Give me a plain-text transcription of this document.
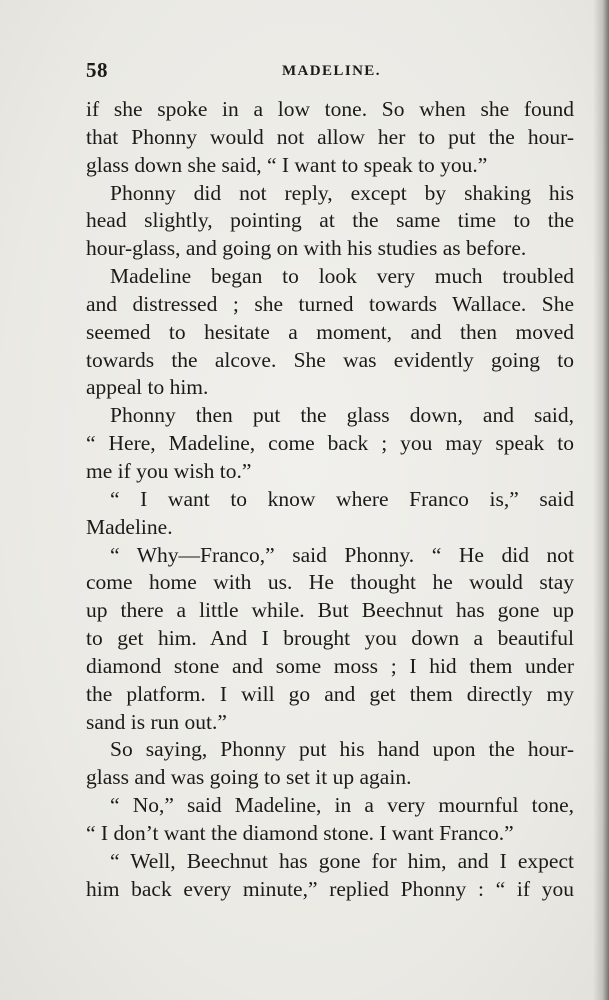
58	MADELINE.
if she spoke in a low tone. So when she found
that Phonny would not allow her to put the hour-
glass down she said, “ I want to speak to you.”
Phonny did not reply, except by shaking his
head slightly, pointing at the same time to the
hour-glass, and going on with his studies as before.
Madeline began to look very much troubled
and distressed ; she turned towards Wallace. She
seemed to hesitate a moment, and then moved
towards the alcove. She was evidently going to
appeal to him.
Phonny then put the glass down, and said,
“ Here, Madeline, come back ; you may speak to
me if you wish to.”
“ I want to know where Franco is,” said
Madeline.
“ Why—Franco,” said Phonny. “ He did not
come home with us. He thought he would stay
up there a little while. But Beechnut has gone up
to get him. And I brought you down a beautiful
diamond stone and some moss ; I hid them under
the platform. I will go and get them directly my
sand is run out.”
So saying, Phonny put his hand upon the hour-
glass and was going to set it up again.
“ No,” said Madeline, in a very mournful tone,
“ I don’t want the diamond stone. I want Franco.”
“ Well, Beechnut has gone for him, and I expect
him back every minute,” replied Phonny : “ if you
